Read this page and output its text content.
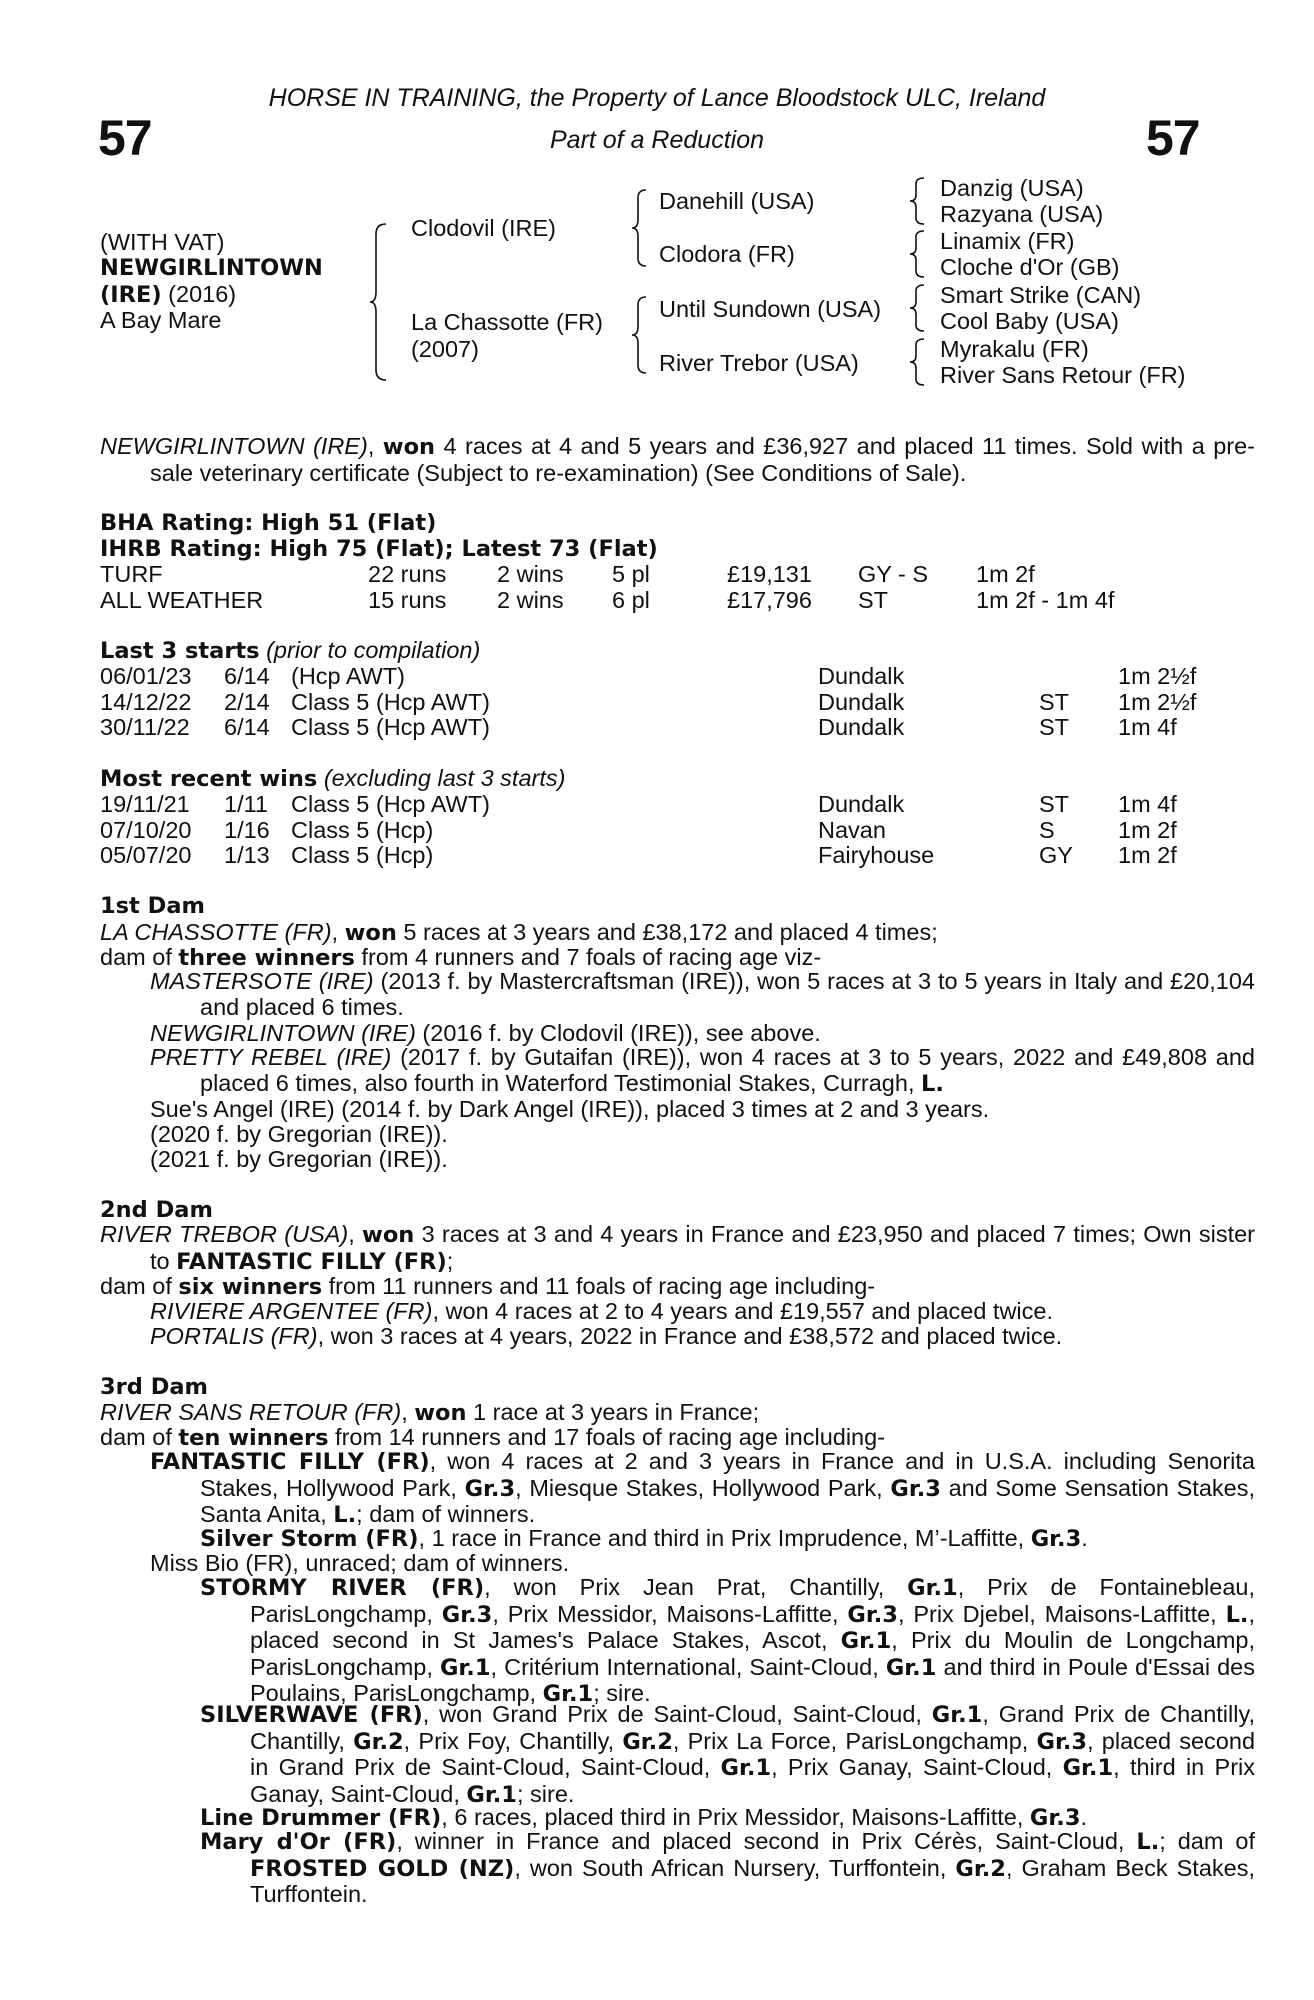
HORSE IN TRAINING, the Property of Lance Bloodstock ULC, Ireland
Part of a Reduction
57	57
(WITH VAT)
NEWGIRLINTOWN
(IRE) (2016)
A Bay Mare
Clodovil (IRE)
La Chassotte (FR)
(2007)
Danehill (USA)
Clodora (FR)
Until Sundown (USA)
River Trebor (USA)
Danzig (USA)
Razyana (USA)
Linamix (FR)
Cloche d'Or (GB)
Smart Strike (CAN)
Cool Baby (USA)
Myrakalu (FR)
River Sans Retour (FR)
NEWGIRLINTOWN (IRE), won 4 races at 4 and 5 years and £36,927 and placed 11 times. Sold with a pre-sale veterinary certificate (Subject to re-examination) (See Conditions of Sale).
BHA Rating: High 51 (Flat)
IHRB Rating: High 75 (Flat); Latest 73 (Flat)
TURF	22 runs 2 wins 5 pl	£19,131 GY - S 1m 2f
ALL WEATHER	15 runs 2 wins 6 pl	£17,796 ST	1m 2f - 1m 4f
Last 3 starts (prior to compilation)
06/01/23 6/14 (Hcp AWT)	Dundalk	1m 2½f
14/12/22 2/14 Class 5 (Hcp AWT)	Dundalk	ST 1m 2½f
30/11/22 6/14 Class 5 (Hcp AWT)	Dundalk	ST 1m 4f
Most recent wins (excluding last 3 starts)
19/11/21 1/11 Class 5 (Hcp AWT)	Dundalk	ST 1m 4f
07/10/20 1/16 Class 5 (Hcp)	Navan	S	1m 2f
05/07/20 1/13 Class 5 (Hcp)	Fairyhouse	GY 1m 2f
1st Dam
LA CHASSOTTE (FR), won 5 races at 3 years and £38,172 and placed 4 times;
dam of three winners from 4 runners and 7 foals of racing age viz-
MASTERSOTE (IRE) (2013 f. by Mastercraftsman (IRE)), won 5 races at 3 to 5 years in Italy and £20,104 and placed 6 times.
NEWGIRLINTOWN (IRE) (2016 f. by Clodovil (IRE)), see above.
PRETTY REBEL (IRE) (2017 f. by Gutaifan (IRE)), won 4 races at 3 to 5 years, 2022 and £49,808 and placed 6 times, also fourth in Waterford Testimonial Stakes, Curragh, L.
Sue's Angel (IRE) (2014 f. by Dark Angel (IRE)), placed 3 times at 2 and 3 years.
(2020 f. by Gregorian (IRE)).
(2021 f. by Gregorian (IRE)).
2nd Dam
RIVER TREBOR (USA), won 3 races at 3 and 4 years in France and £23,950 and placed 7 times; Own sister to FANTASTIC FILLY (FR);
dam of six winners from 11 runners and 11 foals of racing age including-
RIVIERE ARGENTEE (FR), won 4 races at 2 to 4 years and £19,557 and placed twice.
PORTALIS (FR), won 3 races at 4 years, 2022 in France and £38,572 and placed twice.
3rd Dam
RIVER SANS RETOUR (FR), won 1 race at 3 years in France;
dam of ten winners from 14 runners and 17 foals of racing age including-
FANTASTIC FILLY (FR), won 4 races at 2 and 3 years in France and in U.S.A. including Senorita Stakes, Hollywood Park, Gr.3, Miesque Stakes, Hollywood Park, Gr.3 and Some Sensation Stakes, Santa Anita, L.; dam of winners.
Silver Storm (FR), 1 race in France and third in Prix Imprudence, M’-Laffitte, Gr.3.
Miss Bio (FR), unraced; dam of winners.
STORMY RIVER (FR), won Prix Jean Prat, Chantilly, Gr.1, Prix de Fontainebleau, ParisLongchamp, Gr.3, Prix Messidor, Maisons-Laffitte, Gr.3, Prix Djebel, Maisons-Laffitte, L., placed second in St James's Palace Stakes, Ascot, Gr.1, Prix du Moulin de Longchamp, ParisLongchamp, Gr.1, Critérium International, Saint-Cloud, Gr.1 and third in Poule d'Essai des Poulains, ParisLongchamp, Gr.1; sire.
SILVERWAVE (FR), won Grand Prix de Saint-Cloud, Saint-Cloud, Gr.1, Grand Prix de Chantilly, Chantilly, Gr.2, Prix Foy, Chantilly, Gr.2, Prix La Force, ParisLongchamp, Gr.3, placed second in Grand Prix de Saint-Cloud, Saint-Cloud, Gr.1, Prix Ganay, Saint-Cloud, Gr.1, third in Prix Ganay, Saint-Cloud, Gr.1; sire.
Line Drummer (FR), 6 races, placed third in Prix Messidor, Maisons-Laffitte, Gr.3.
Mary d'Or (FR), winner in France and placed second in Prix Cérès, Saint-Cloud, L.; dam of FROSTED GOLD (NZ), won South African Nursery, Turffontein, Gr.2, Graham Beck Stakes, Turffontein.
